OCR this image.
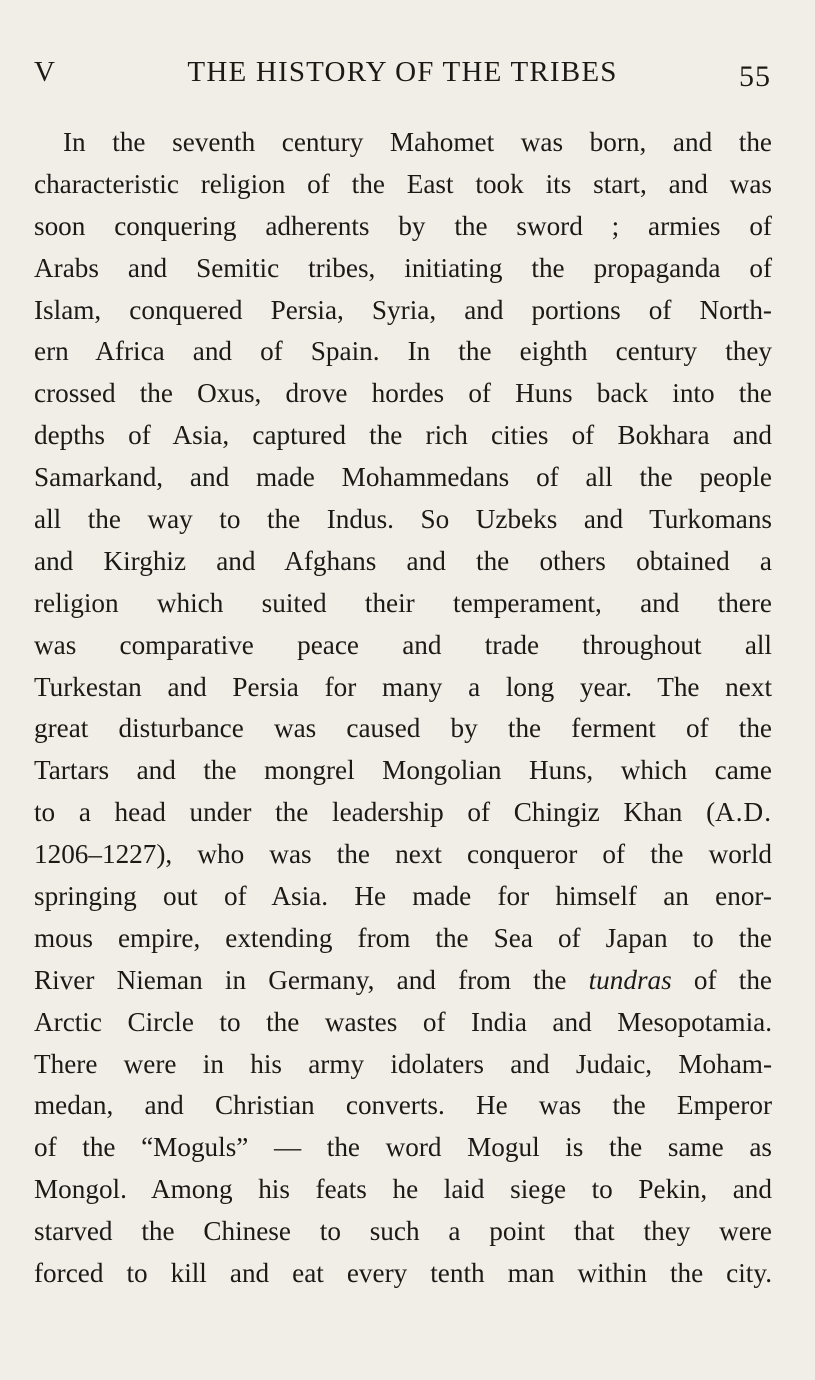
V	THE HISTORY OF THE TRIBES	55
In the seventh century Mahomet was born, and the
characteristic religion of the East took its start, and was
soon conquering adherents by the sword ; armies of
Arabs and Semitic tribes, initiating the propaganda of
Islam, conquered Persia, Syria, and portions of North-
ern Africa and of Spain. In the eighth century they
crossed the Oxus, drove hordes of Huns back into the
depths of Asia, captured the rich cities of Bokhara and
Samarkand, and made Mohammedans of all the people
all the way to the Indus. So Uzbeks and Turkomans
and Kirghiz and Afghans and the others obtained a
religion which suited their temperament, and there
was comparative peace and trade throughout all
Turkestan and Persia for many a long year. The next
great disturbance was caused by the ferment of the
Tartars and the mongrel Mongolian Huns, which came
to a head under the leadership of Chingiz Khan (A.D.
1206–1227), who was the next conqueror of the world
springing out of Asia. He made for himself an enor-
mous empire, extending from the Sea of Japan to the
River Nieman in Germany, and from the tundras of the
Arctic Circle to the wastes of India and Mesopotamia.
There were in his army idolaters and Judaic, Moham-
medan, and Christian converts. He was the Emperor
of the “Moguls” — the word Mogul is the same as
Mongol. Among his feats he laid siege to Pekin, and
starved the Chinese to such a point that they were
forced to kill and eat every tenth man within the city.
